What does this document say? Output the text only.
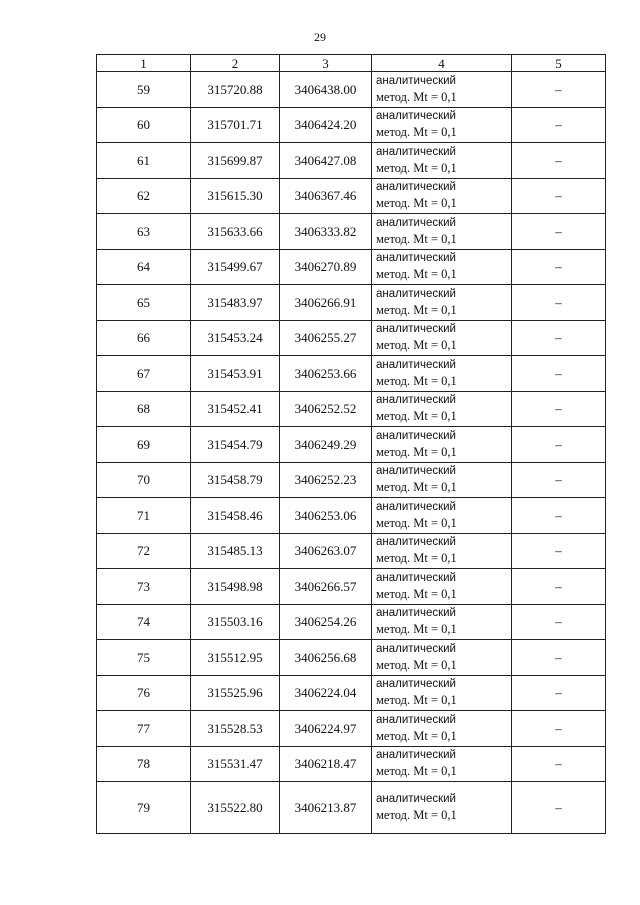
29
1	2	3	4	5
59	315720.88	3406438.00	аналитический
метод. Mt = 0,1	–
60	315701.71	3406424.20	аналитический
метод. Mt = 0,1	–
61	315699.87	3406427.08	аналитический
метод. Mt = 0,1	–
62	315615.30	3406367.46	аналитический
метод. Mt = 0,1	–
63	315633.66	3406333.82	аналитический
метод. Mt = 0,1	–
64	315499.67	3406270.89	аналитический
метод. Mt = 0,1	–
65	315483.97	3406266.91	аналитический
метод. Mt = 0,1	–
66	315453.24	3406255.27	аналитический
метод. Mt = 0,1	–
67	315453.91	3406253.66	аналитический
метод. Mt = 0,1	–
68	315452.41	3406252.52	аналитический
метод. Mt = 0,1	–
69	315454.79	3406249.29	аналитический
метод. Mt = 0,1	–
70	315458.79	3406252.23	аналитический
метод. Mt = 0,1	–
71	315458.46	3406253.06	аналитический
метод. Mt = 0,1	–
72	315485.13	3406263.07	аналитический
метод. Mt = 0,1	–
73	315498.98	3406266.57	аналитический
метод. Mt = 0,1	–
74	315503.16	3406254.26	аналитический
метод. Mt = 0,1	–
75	315512.95	3406256.68	аналитический
метод. Mt = 0,1	–
76	315525.96	3406224.04	аналитический
метод. Mt = 0,1	–
77	315528.53	3406224.97	аналитический
метод. Mt = 0,1	–
78	315531.47	3406218.47	аналитический
метод. Mt = 0,1	–
79	315522.80	3406213.87	аналитический
метод. Mt = 0,1	–
